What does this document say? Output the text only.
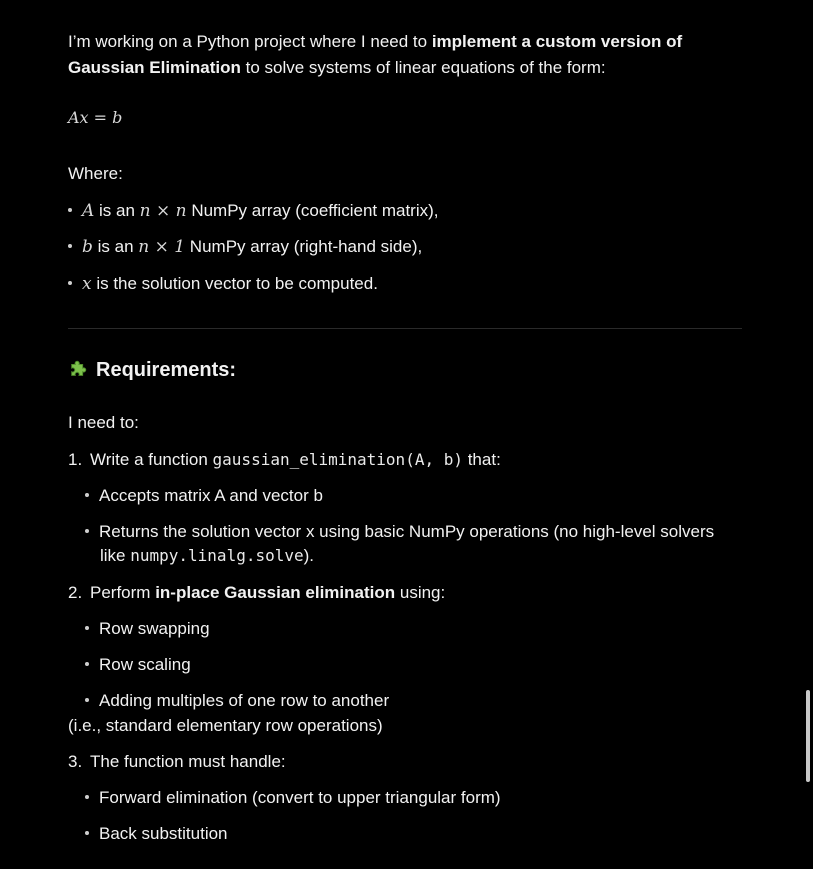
I’m working on a Python project where I need to implement a custom version of
Gaussian Elimination to solve systems of linear equations of the form:
Ax = b
Where:
A is an n × n NumPy array (coefficient matrix),
b is an n × 1 NumPy array (right-hand side),
x is the solution vector to be computed.
Requirements:
I need to:
1. Write a function gaussian_elimination(A, b) that:
Accepts matrix A and vector b
Returns the solution vector x using basic NumPy operations (no high-level solvers
like numpy.linalg.solve).
2. Perform in-place Gaussian elimination using:
Row swapping
Row scaling
Adding multiples of one row to another
(i.e., standard elementary row operations)
3. The function must handle:
Forward elimination (convert to upper triangular form)
Back substitution
